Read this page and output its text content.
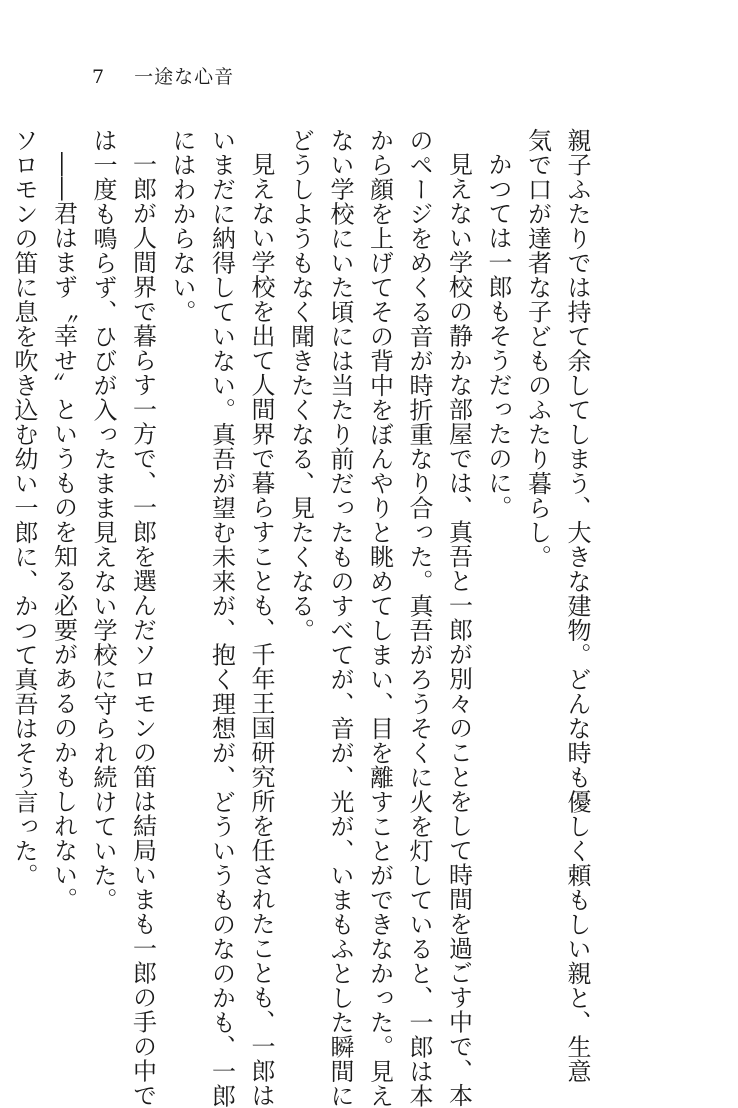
7 一途な心音

親子ふたりでは持て余してしまう、大きな建物。どんな時も優しく頼もしい親と、生意

気で口が達者な子どものふたり暮らし。

かつては一郎もそうだったのに。

見えない学校の静かな部屋では、真吾と一郎が別々のことをして時間を過ごす中で、本

のページをめくる音が時折重なり合った。真吾がろうそくに火を灯していると、一郎は本

から顔を上げてその背中をぼんやりと眺めてしまい、目を離すことができなかった。見え

ない学校にいた頃には当たり前だったものすべてが、音が、光が、いまもふとした瞬間に

どうしようもなく聞きたくなる、見たくなる。

見えない学校を出て人間界で暮らすことも、千年王国研究所を任されたことも、一郎は

いまだに納得していない。真吾が望む未来が、抱く理想が、どういうものなのかも、一郎

にはわからない。

一郎が人間界で暮らす一方で、一郎を選んだソロモンの笛は結局いまも一郎の手の中で

は一度も鳴らず、ひびが入ったまま見えない学校に守られ続けていた。

――君はまず〝幸せ〟というものを知る必要があるのかもしれない。

ソロモンの笛に息を吹き込む幼い一郎に、かつて真吾はそう言った。
